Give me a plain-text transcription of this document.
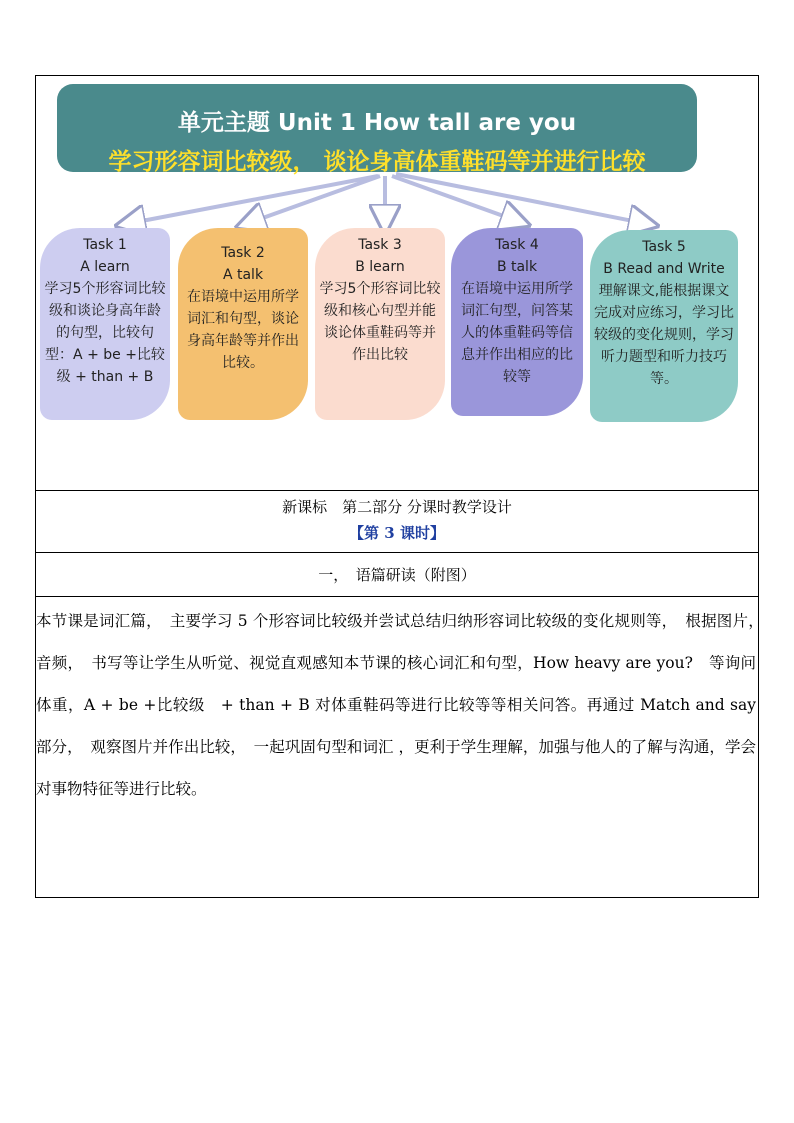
单元主题 Unit 1 How tall are you
学习形容词比较级， 谈论身高体重鞋码等并进行比较
Task 1
A learn
学习5个形容词比较级和谈论身高年龄的句型，比较句型：A + be +比较级 + than + B
Task 2
A talk
在语境中运用所学词汇和句型，谈论身高年龄等并作出比较。
Task 3
B learn
学习5个形容词比较级和核心句型并能谈论体重鞋码等并作出比较
Task 4
B talk
在语境中运用所学词汇句型，问答某人的体重鞋码等信息并作出相应的比较等
Task 5
B Read and Write
理解课文,能根据课文完成对应练习，学习比较级的变化规则，学习听力题型和听力技巧等。
新课标　第二部分 分课时教学设计
【第 3 课时】
一，　语篇研读（附图）
本节课是词汇篇，　主要学习 5 个形容词比较级并尝试总结归纳形容词比较级的变化规则等，　根据图片，　音频，　书写等让学生从听觉、视觉直观感知本节课的核心词汇和句型，How heavy are you?　等询问体重，A + be +比较级　+ than + B 对体重鞋码等进行比较等等相关问答。再通过 Match and say 部分，　观察图片并作出比较，　一起巩固句型和词汇 ，更利于学生理解，加强与他人的了解与沟通，学会对事物特征等进行比较。
